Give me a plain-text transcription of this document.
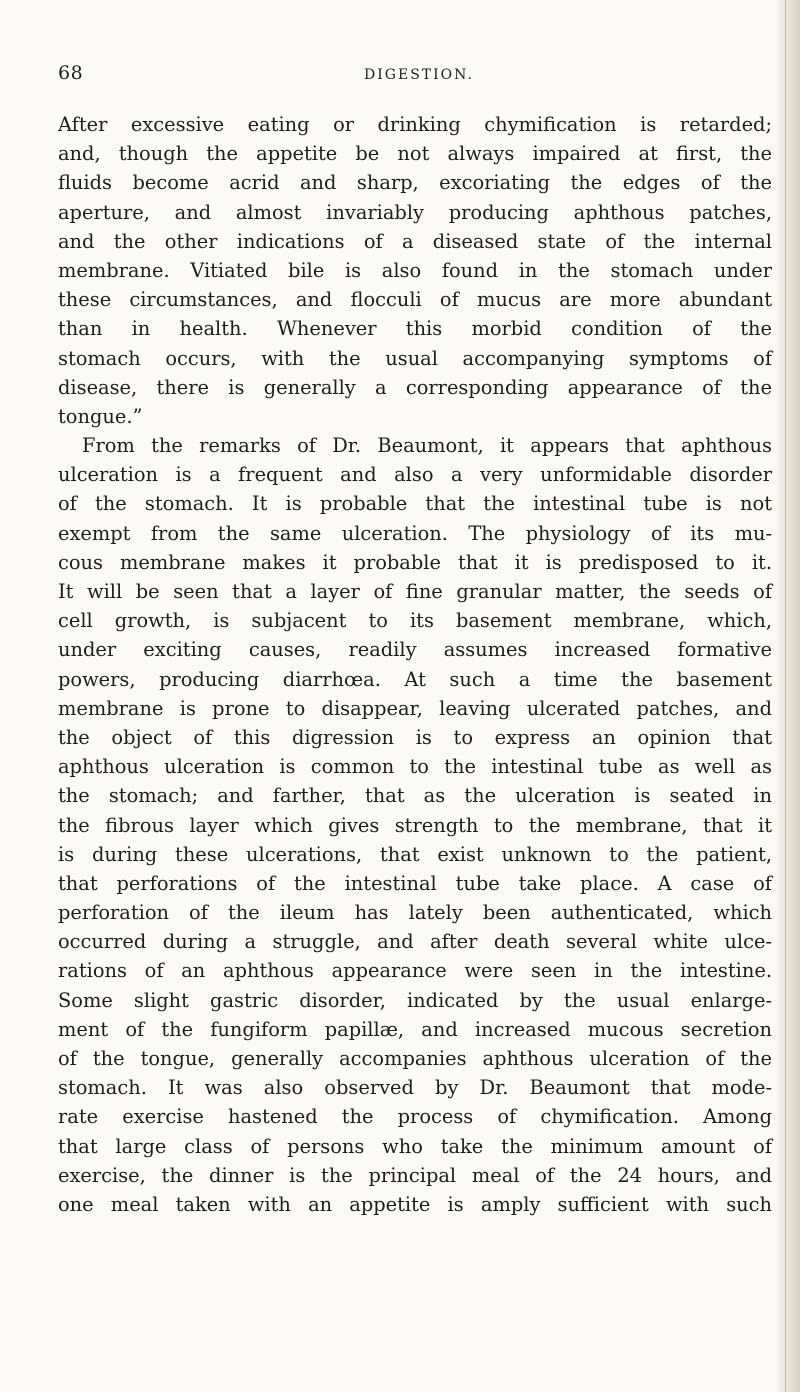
68	DIGESTION.
After excessive eating or drinking chymification is retarded;
and, though the appetite be not always impaired at first, the
fluids become acrid and sharp, excoriating the edges of the
aperture, and almost invariably producing aphthous patches,
and the other indications of a diseased state of the internal
membrane. Vitiated bile is also found in the stomach under
these circumstances, and flocculi of mucus are more abundant
than in health. Whenever this morbid condition of the
stomach occurs, with the usual accompanying symptoms of
disease, there is generally a corresponding appearance of the
tongue.”
From the remarks of Dr. Beaumont, it appears that aphthous
ulceration is a frequent and also a very unformidable disorder
of the stomach. It is probable that the intestinal tube is not
exempt from the same ulceration. The physiology of its mu-
cous membrane makes it probable that it is predisposed to it.
It will be seen that a layer of fine granular matter, the seeds of
cell growth, is subjacent to its basement membrane, which,
under exciting causes, readily assumes increased formative
powers, producing diarrhœa. At such a time the basement
membrane is prone to disappear, leaving ulcerated patches, and
the object of this digression is to express an opinion that
aphthous ulceration is common to the intestinal tube as well as
the stomach; and farther, that as the ulceration is seated in
the fibrous layer which gives strength to the membrane, that it
is during these ulcerations, that exist unknown to the patient,
that perforations of the intestinal tube take place. A case of
perforation of the ileum has lately been authenticated, which
occurred during a struggle, and after death several white ulce-
rations of an aphthous appearance were seen in the intestine.
Some slight gastric disorder, indicated by the usual enlarge-
ment of the fungiform papillæ, and increased mucous secretion
of the tongue, generally accompanies aphthous ulceration of the
stomach. It was also observed by Dr. Beaumont that mode-
rate exercise hastened the process of chymification. Among
that large class of persons who take the minimum amount of
exercise, the dinner is the principal meal of the 24 hours, and
one meal taken with an appetite is amply sufficient with such
